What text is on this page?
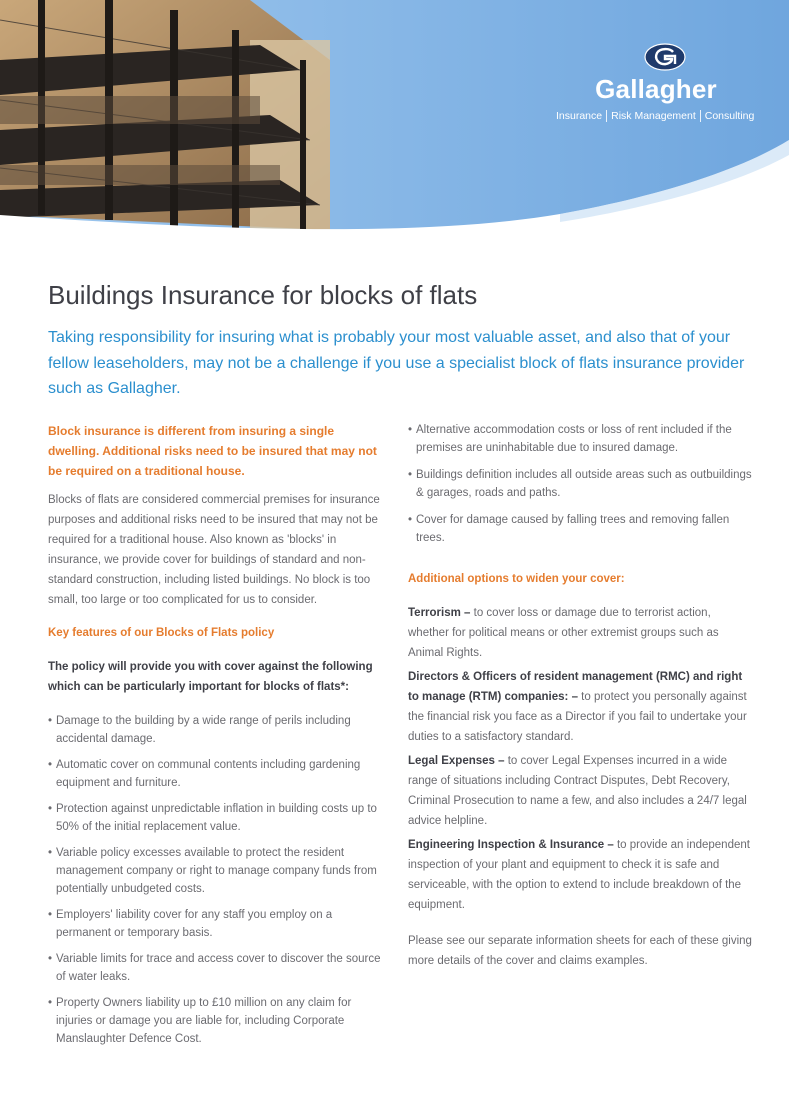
Gallagher
Insurance Risk Management Consulting
Buildings Insurance for blocks of flats

Taking responsibility for insuring what is probably your most valuable asset, and also that of your fellow leaseholders, may not be a challenge if you use a specialist block of flats insurance provider such as Gallagher.

Block insurance is different from insuring a single dwelling. Additional risks need to be insured that may not be required on a traditional house.

Blocks of flats are considered commercial premises for insurance purposes and additional risks need to be insured that may not be required for a traditional house. Also known as 'blocks' in insurance, we provide cover for buildings of standard and non-standard construction, including listed buildings. No block is too small, too large or too complicated for us to consider.

Key features of our Blocks of Flats policy

The policy will provide you with cover against the following which can be particularly important for blocks of flats*:

• Damage to the building by a wide range of perils including accidental damage.
• Automatic cover on communal contents including gardening equipment and furniture.
• Protection against unpredictable inflation in building costs up to 50% of the initial replacement value.
• Variable policy excesses available to protect the resident management company or right to manage company funds from potentially unbudgeted costs.
• Employers' liability cover for any staff you employ on a permanent or temporary basis.
• Variable limits for trace and access cover to discover the source of water leaks.
• Property Owners liability up to £10 million on any claim for injuries or damage you are liable for, including Corporate Manslaughter Defence Cost.
• Alternative accommodation costs or loss of rent included if the premises are uninhabitable due to insured damage.
• Buildings definition includes all outside areas such as outbuildings & garages, roads and paths.
• Cover for damage caused by falling trees and removing fallen trees.

Additional options to widen your cover:

Terrorism – to cover loss or damage due to terrorist action, whether for political means or other extremist groups such as Animal Rights.

Directors & Officers of resident management (RMC) and right to manage (RTM) companies: – to protect you personally against the financial risk you face as a Director if you fail to undertake your duties to a satisfactory standard.

Legal Expenses – to cover Legal Expenses incurred in a wide range of situations including Contract Disputes, Debt Recovery, Criminal Prosecution to name a few, and also includes a 24/7 legal advice helpline.

Engineering Inspection & Insurance – to provide an independent inspection of your plant and equipment to check it is safe and serviceable, with the option to extend to include breakdown of the equipment.

Please see our separate information sheets for each of these giving more details of the cover and claims examples.
